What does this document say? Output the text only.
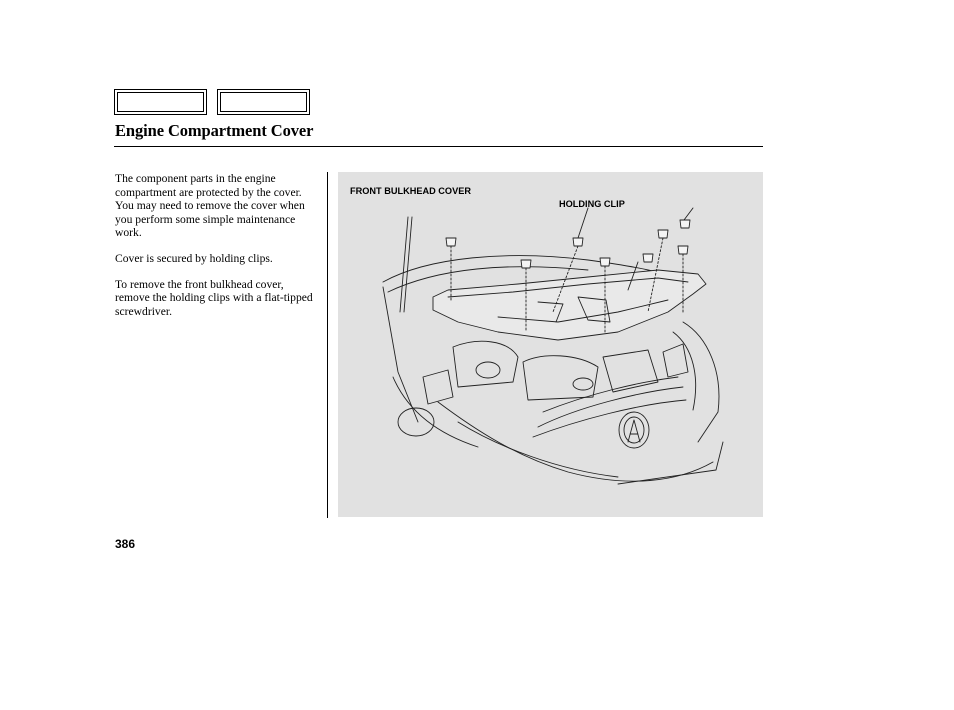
Engine Compartment Cover

The component parts in the engine compartment are protected by the cover. You may need to remove the cover when you perform some simple maintenance work.

Cover is secured by holding clips.

To remove the front bulkhead cover, remove the holding clips with a flat-tipped screwdriver.

FRONT BULKHEAD COVER
HOLDING CLIP
386
